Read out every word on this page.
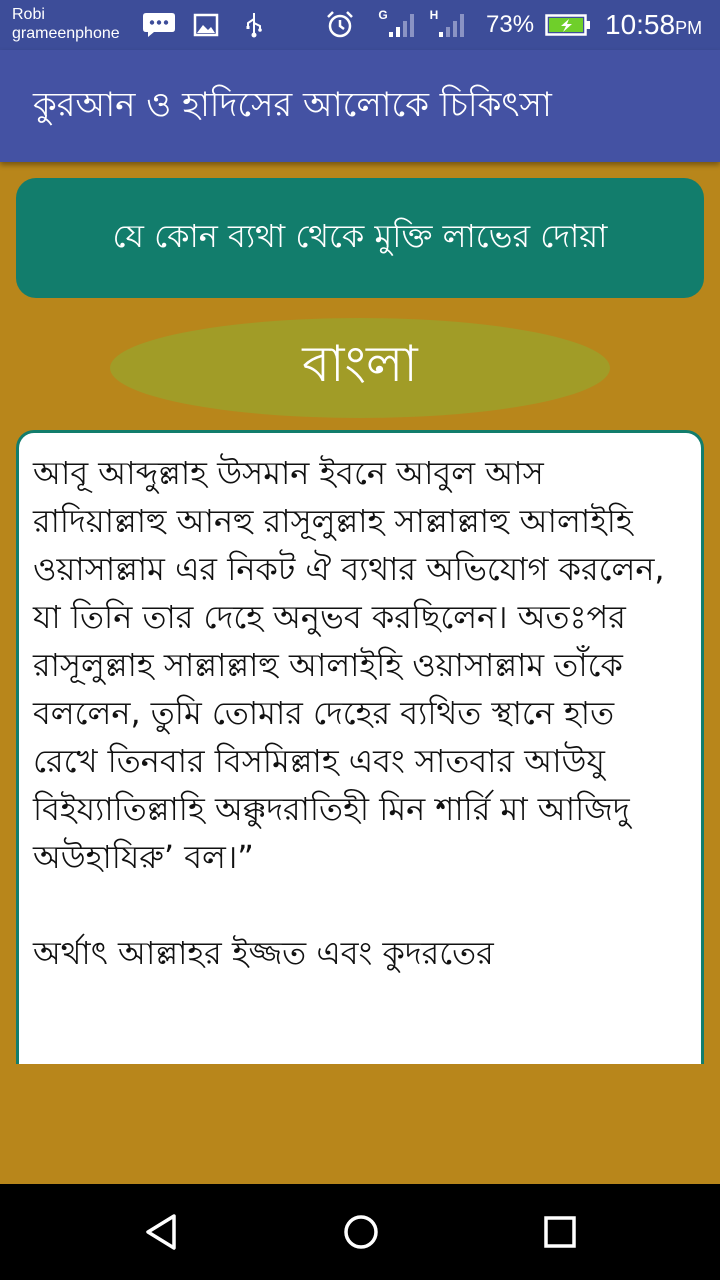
Robi
grameenphone
G	H 73%	10:58PM
কুরআন ও হাদিসের আলোকে চিকিৎসা
যে কোন ব্যথা থেকে মুক্তি লাভের দোয়া
বাংলা

আবূ আব্দুল্লাহ উসমান ইবনে আবুল আস রাদিয়াল্লাহু আনহু রাসূলুল্লাহ সাল্লাল্লাহু আলাইহি ওয়াসাল্লাম এর নিকট ঐ ব্যথার অভিযোগ করলেন, যা তিনি তার দেহে অনুভব করছিলেন। অতঃপর রাসূলুল্লাহ সাল্লাল্লাহু আলাইহি ওয়াসাল্লাম তাঁকে বললেন, তুমি তোমার দেহের ব্যথিত স্থানে হাত রেখে তিনবার বিসমিল্লাহ এবং সাতবার আউযু বিইয্যাতিল্লাহি অক্কুদরাতিহী মিন শার্রি মা আজিদু অউহাযিরু’ বল।”

অর্থাৎ আল্লাহর ইজ্জত এবং কুদরতের
